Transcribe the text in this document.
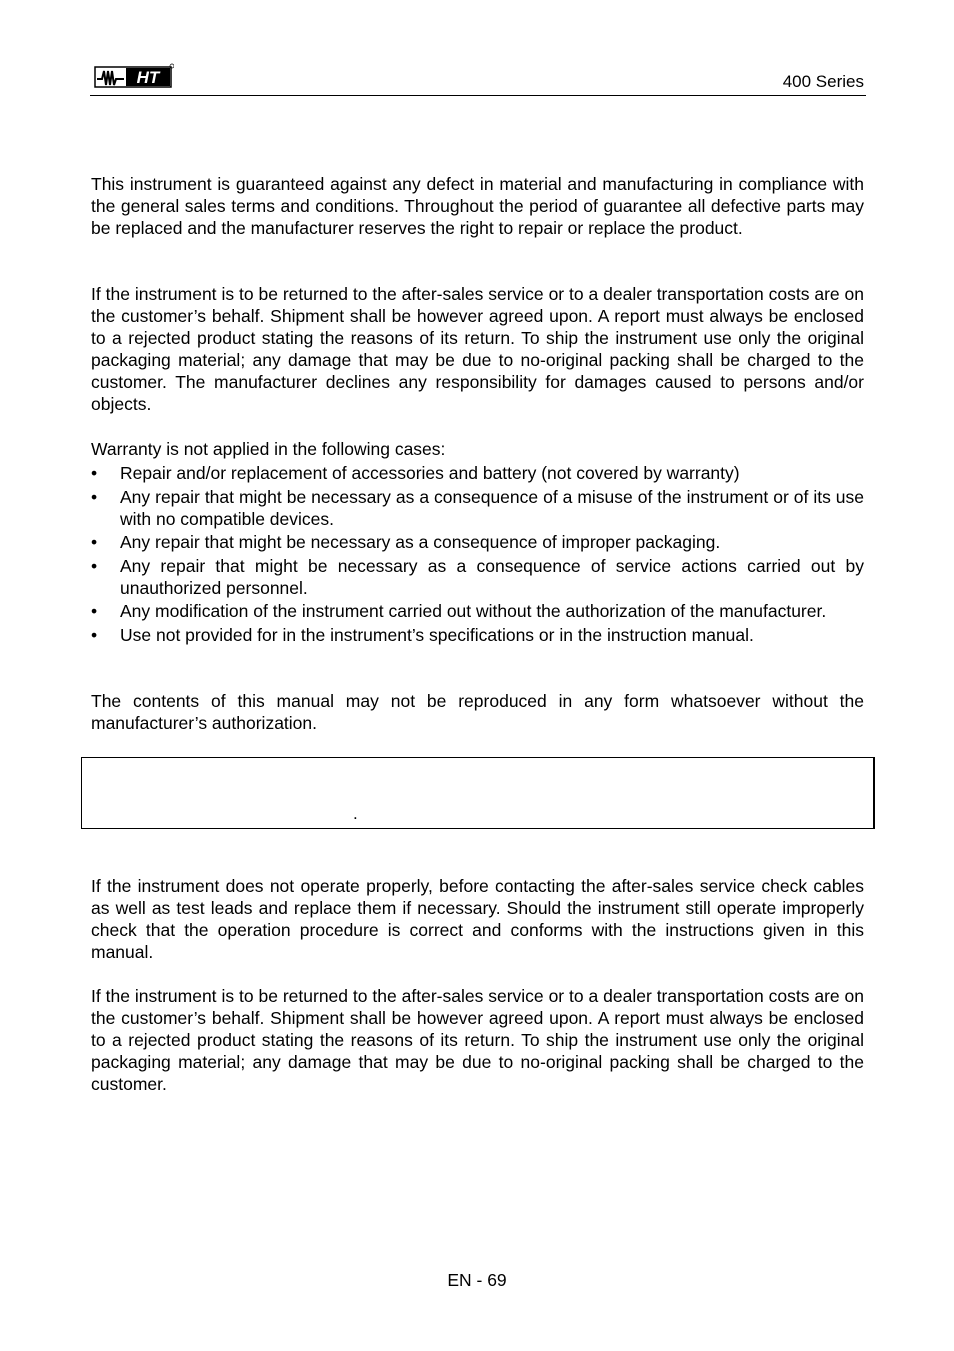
HT	400 Series
This instrument is guaranteed against any defect in material and manufacturing in compliance with the general sales terms and conditions. Throughout the period of guarantee all defective parts may be replaced and the manufacturer reserves the right to repair or replace the product.
If the instrument is to be returned to the after-sales service or to a dealer transportation costs are on the customer’s behalf. Shipment shall be however agreed upon. A report must always be enclosed to a rejected product stating the reasons of its return. To ship the instrument use only the original packaging material; any damage that may be due to no-original packing shall be charged to the customer. The manufacturer declines any responsibility for damages caused to persons and/or objects.
Warranty is not applied in the following cases:
•	Repair and/or replacement of accessories and battery (not covered by warranty)
•	Any repair that might be necessary as a consequence of a misuse of the instrument or of its use with no compatible devices.
•	Any repair that might be necessary as a consequence of improper packaging.
•	Any repair that might be necessary as a consequence of service actions carried out by unauthorized personnel.
•	Any modification of the instrument carried out without the authorization of the manufacturer.
•	Use not provided for in the instrument’s specifications or in the instruction manual.
The contents of this manual may not be reproduced in any form whatsoever without the manufacturer’s authorization.
.
If the instrument does not operate properly, before contacting the after-sales service check cables as well as test leads and replace them if necessary. Should the instrument still operate improperly check that the operation procedure is correct and conforms with the instructions given in this manual.
If the instrument is to be returned to the after-sales service or to a dealer transportation costs are on the customer’s behalf. Shipment shall be however agreed upon. A report must always be enclosed to a rejected product stating the reasons of its return. To ship the instrument use only the original packaging material; any damage that may be due to no-original packing shall be charged to the customer.
EN - 69
